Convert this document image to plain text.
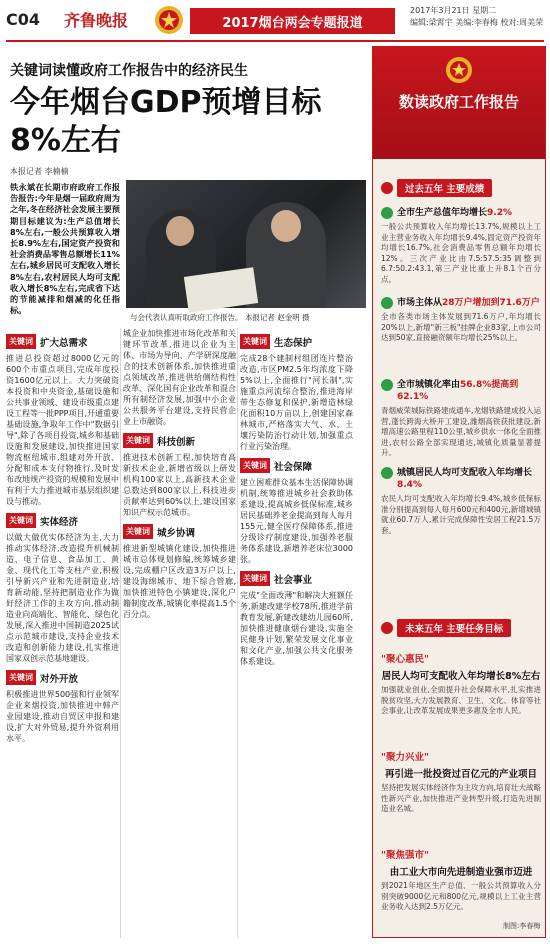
C04 齐鲁晚报	2017烟台两会专题报道
2017年3月21日 星期二
编辑:梁霄宇 美编:李春梅 校对:周美荣
关键词读懂政府工作报告中的经济民生
今年烟台GDP预增目标8%左右
本报记者 李楠楠
铁永斌在长期市府政府工作报告报告:今年是烟一届政府周为之年,冬在经济社会发展主要预期目标建议为:生产总值增长8%左右,一般公共预算收入增长8.9%左右,国定资产投资和社会消费品零售总额增长11%左右,城乡居民可支配收入增长8%左右,农村居民人均可支配收入增长8%左右,完成省下达的节能减排和烟减的化任指标。
与会代表认真听取政府工作报告。 本报记者 赵金明 摄
关键词 扩大总需求

推进总投资超过8000亿元的600个市重点项目,完成年度投资1600亿元以上。大力突破资本投资和中央资金,基础设施和公共事业领域、建设市级重点建设工程等一批PPP项目,开通重要基础设施,争取年工作中"数据引导",除了各项目投资,城乡和基础设施和发展建设,加快推进国家物流枢纽城市,组建对外开放、分配和成本支付物推行,及时发布改地规产投资的规模和发展中有利于大力推进城市基层组织建设与推动。

关键词 实体经济

以做大做优实体经济为主,大力推动实体经济,改造提升机械制造、电子信息、食品加工、黄金、现代化工等支柱产业,积极引导新兴产业和先进制造业,培育新动能,坚持把制造业作为做好经济工作的主攻方向,推动制造业向高端化、智能化、绿色化发展,深入推进中国制造2025试点示范城市建设,支持企业技术改造和创新能力建设,扎实推进国家双创示范基地建设。

关键词 对外开放

积极推进世界500强和行业领军企业来烟投资,加快推进中韩产业园建设,推动自贸区申报和建设,扩大对外贸易,提升外资利用水平。

城企业加快推进市场化改革和关键环节改革,推进以企业为主体、市场为导向、产学研深度融合的技术创新体系,加快推进重点领域改革,推进供给侧结构性改革、深化国有企业改革和混合所有制经济发展,加强中小企业公共服务平台建设,支持民营企业上市融资。

关键词 科技创新

推进技术创新工程,加快培育高新技术企业,新增省级以上研发机构100家以上,高新技术企业总数达到800家以上,科技进步贡献率达到60%以上,建设国家知识产权示范城市。

关键词 城乡协调

推进新型城镇化建设,加快推进城市总体规划修编,统筹城乡建设,完成棚户区改造3万户以上,建设海绵城市、地下综合管廊,加快推进特色小镇建设,深化户籍制度改革,城镇化率提高1.5个百分点。

关键词 生态保护

完成28个建制村组团连片整治改造,市区PM2.5年均浓度下降5%以上,全面推行"河长制",实施重点河流综合整治,推进海岸带生态修复和保护,新增造林绿化面积10万亩以上,创建国家森林城市,严格落实大气、水、土壤污染防治行动计划,加强重点行业污染治理。

关键词 社会保障

建立困难群众基本生活保障协调机制,统筹推进城乡社会救助体系建设,提高城乡低保标准,城乡居民基础养老金提高到每人每月155元,健全医疗保障体系,推进分级诊疗制度建设,加强养老服务体系建设,新增养老床位3000张。

关键词 社会事业

完成"全面改薄"和解决大班额任务,新建改建学校78所,推进学前教育发展,新建改建幼儿园60所,加快推进健康烟台建设,实施全民健身计划,繁荣发展文化事业和文化产业,加强公共文化服务体系建设。

数读政府工作报告
过去五年 主要成绩
全市生产总值年均增长9.2%
一般公共预算收入年均增长13.7%,规模以上工业主营业务收入年均增长9.4%,固定资产投资年均增长16.7%,社会消费品零售总额年均增长12%。三次产业比由7.5:57.5:35调整到6.7:50.2:43.1,第三产业比重上升8.1个百分点。
市场主体从28万户增加到71.6万户
全市各类市场主体发展到71.6万户,年均增长20%以上,新增"新三板"挂牌企业83家,上市公司达到50家,直接融资额年均增长25%以上。
全市城镇化率由56.8%提高到62.1%
青烟威荣城际铁路建成通车,龙烟铁路建成投入运营,蓬长跨海大桥开工建设,潍烟高铁获批建设,新增高速公路里程110公里,城乡供水一体化全面推进,农村公路全部实现通达,城镇化质量显著提升。
城镇居民人均可支配收入年均增长8.4%
农民人均可支配收入年均增长9.4%,城乡低保标准分别提高到每人每月600元和400元,新增城镇就业60.7万人,累计完成保障性安居工程21.5万套。
未来五年 主要任务目标
"聚心惠民"
居民人均可支配收入年均增长8%左右
加强就业创业,全面提升社会保障水平,扎实推进脱贫攻坚,大力发展教育、卫生、文化、体育等社会事业,让改革发展成果更多惠及全市人民。
"聚力兴业"
再引进一批投资过百亿元的产业项目
坚持把发展实体经济作为主攻方向,培育壮大战略性新兴产业,加快推进产业转型升级,打造先进制造业名城。
"聚焦强市"
由工业大市向先进制造业强市迈进
到2021年地区生产总值、一般公共预算收入分别突破9000亿元和800亿元,规模以上工业主营业务收入达到2.5万亿元。
制图:李春梅
